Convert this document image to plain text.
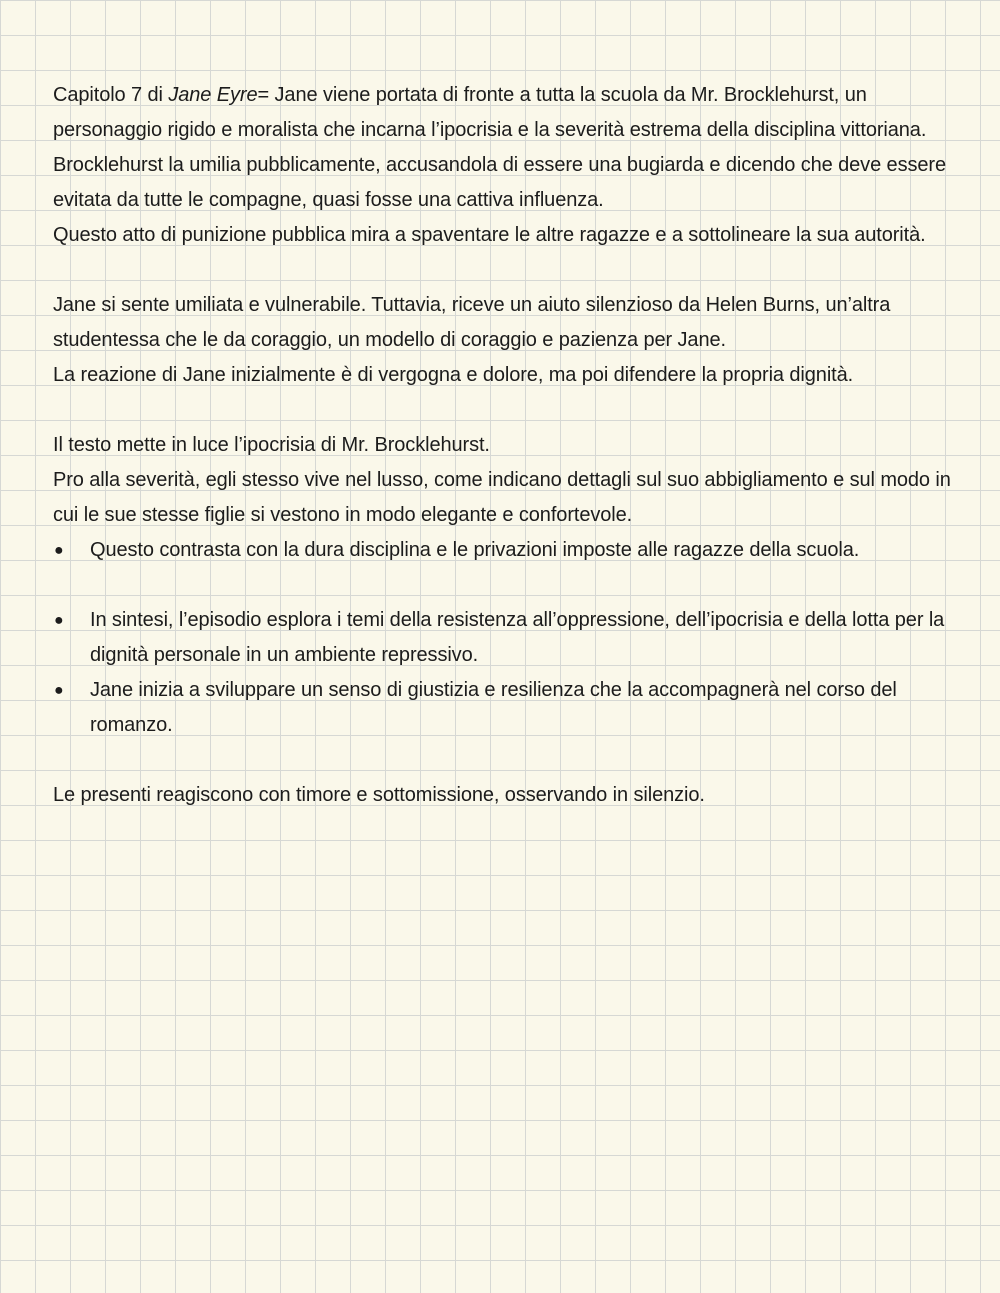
Capitolo 7 di Jane Eyre= Jane viene portata di fronte a tutta la scuola da Mr. Brocklehurst, un personaggio rigido e moralista che incarna l’ipocrisia e la severità estrema della disciplina vittoriana.

Brocklehurst la umilia pubblicamente, accusandola di essere una bugiarda e dicendo che deve essere evitata da tutte le compagne, quasi fosse una cattiva influenza.

Questo atto di punizione pubblica mira a spaventare le altre ragazze e a sottolineare la sua autorità.

Jane si sente umiliata e vulnerabile. Tuttavia, riceve un aiuto silenzioso da Helen Burns, un’altra studentessa che le da coraggio, un modello di coraggio e pazienza per Jane.

La reazione di Jane inizialmente è di vergogna e dolore, ma poi difendere la propria dignità.

Il testo mette in luce l’ipocrisia di Mr. Brocklehurst.

Pro alla severità, egli stesso vive nel lusso, come indicano dettagli sul suo abbigliamento e sul modo in cui le sue stesse figlie si vestono in modo elegante e confortevole.

● Questo contrasta con la dura disciplina e le privazioni imposte alle ragazze della scuola.

● In sintesi, l’episodio esplora i temi della resistenza all’oppressione, dell’ipocrisia e della lotta per la dignità personale in un ambiente repressivo.

● Jane inizia a sviluppare un senso di giustizia e resilienza che la accompagnerà nel corso del romanzo.

Le presenti reagiscono con timore e sottomissione, osservando in silenzio.
